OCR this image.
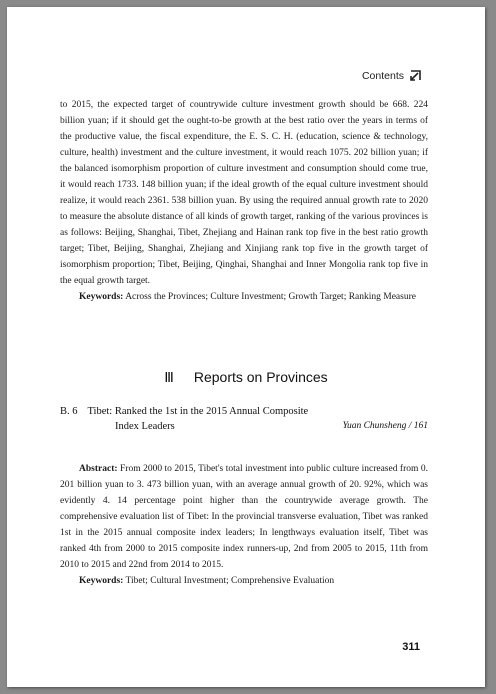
Contents

to 2015, the expected target of countrywide culture investment growth should be 668. 224 billion yuan; if it should get the ought-to-be growth at the best ratio over the years in terms of the productive value, the fiscal expenditure, the E. S. C. H. (education, science & technology, culture, health) investment and the culture investment, it would reach 1075. 202 billion yuan; if the balanced isomorphism proportion of culture investment and consumption should come true, it would reach 1733. 148 billion yuan; if the ideal growth of the equal culture investment should realize, it would reach 2361. 538 billion yuan. By using the required annual growth rate to 2020 to measure the absolute distance of all kinds of growth target, ranking of the various provinces is as follows: Beijing, Shanghai, Tibet, Zhejiang and Hainan rank top five in the best ratio growth target; Tibet, Beijing, Shanghai, Zhejiang and Xinjiang rank top five in the growth target of isomorphism proportion; Tibet, Beijing, Qinghai, Shanghai and Inner Mongolia rank top five in the equal growth target.

Keywords: Across the Provinces; Culture Investment; Growth Target; Ranking Measure

Ⅲ Reports on Provinces
B. 6 Tibet: Ranked the 1st in the 2015 Annual Composite
Index Leaders	Yuan Chunsheng / 161

Abstract: From 2000 to 2015, Tibet's total investment into public culture increased from 0. 201 billion yuan to 3. 473 billion yuan, with an average annual growth of 20. 92%, which was evidently 4. 14 percentage point higher than the countrywide average growth. The comprehensive evaluation list of Tibet: In the provincial transverse evaluation, Tibet was ranked 1st in the 2015 annual composite index leaders; In lengthways evaluation itself, Tibet was ranked 4th from 2000 to 2015 composite index runners-up, 2nd from 2005 to 2015, 11th from 2010 to 2015 and 22nd from 2014 to 2015.

Keywords: Tibet; Cultural Investment; Comprehensive Evaluation

311
